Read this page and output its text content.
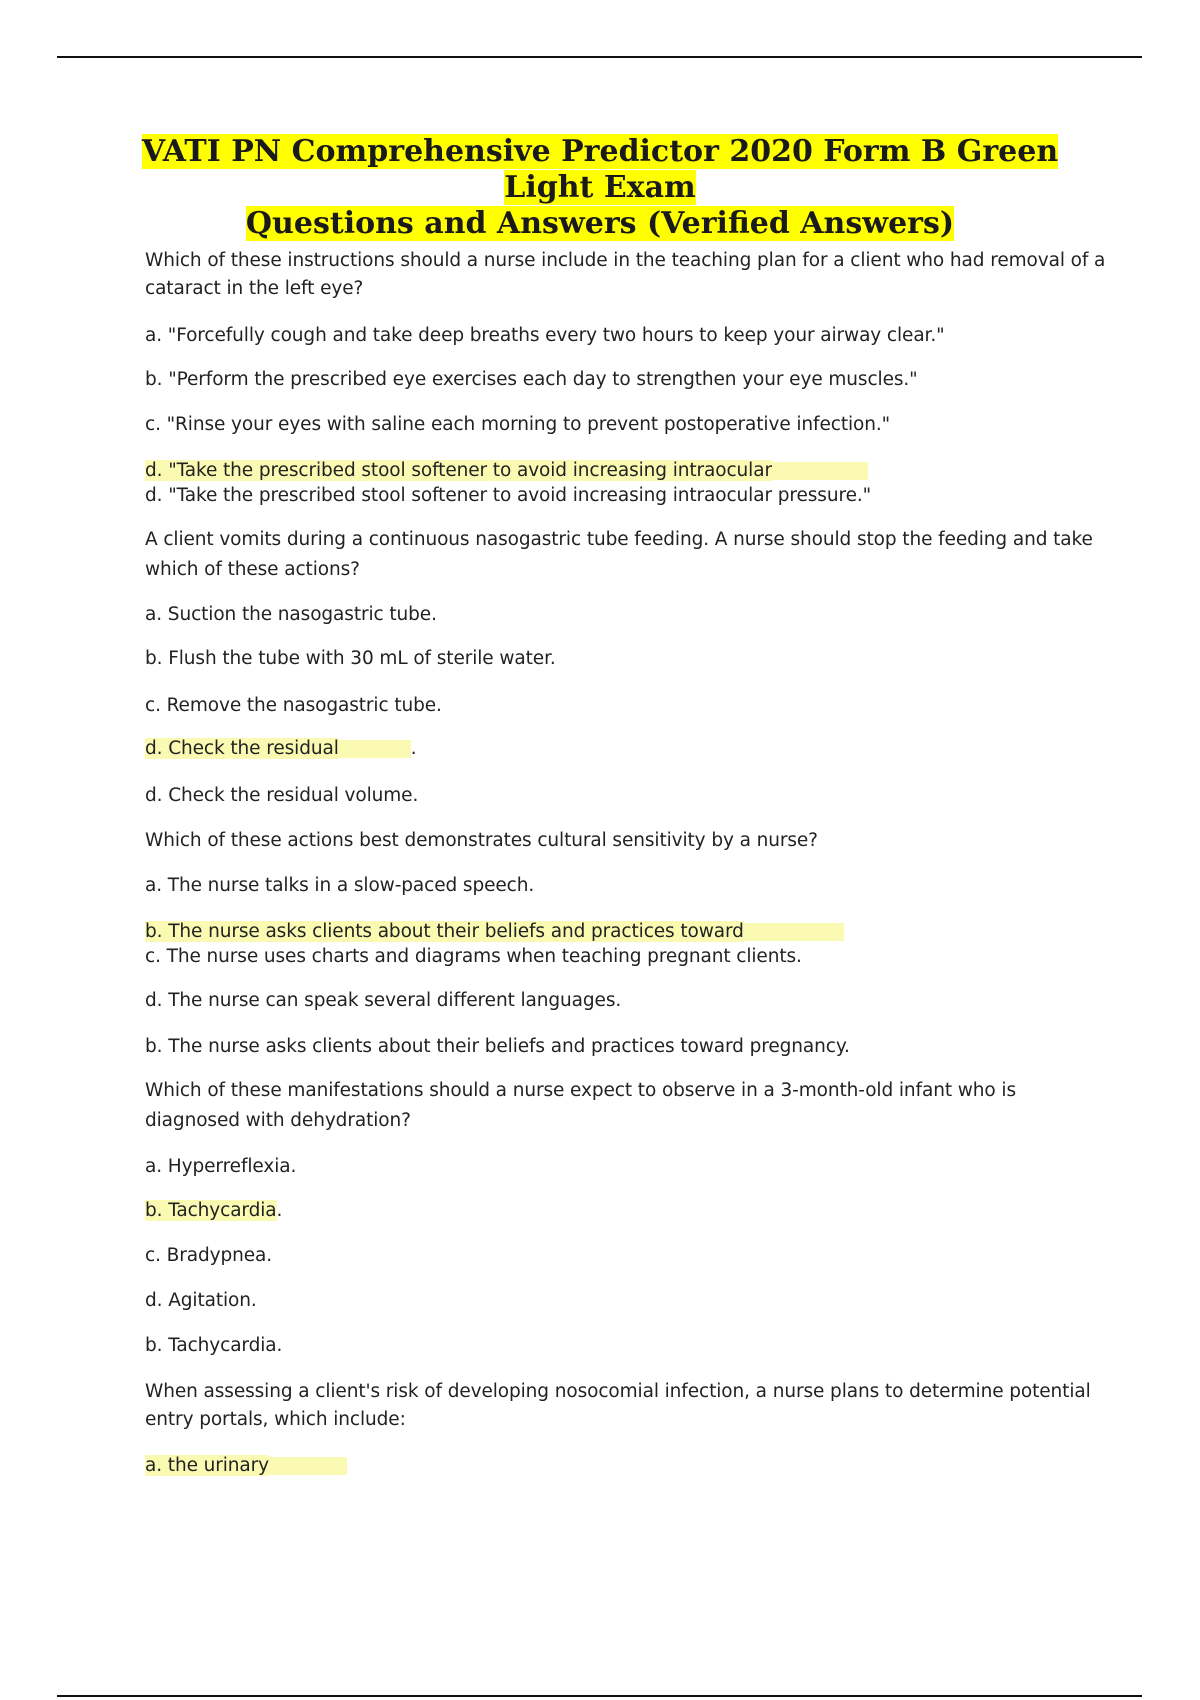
VATI PN Comprehensive Predictor 2020 Form B Green Light Exam
Questions and Answers (Verified Answers)
Which of these instructions should a nurse include in the teaching plan for a client who had removal of a
cataract in the left eye?
a. "Forcefully cough and take deep breaths every two hours to keep your airway clear."
b. "Perform the prescribed eye exercises each day to strengthen your eye muscles."
c. "Rinse your eyes with saline each morning to prevent postoperative infection."
d. "Take the prescribed stool softener to avoid increasing intraocular
d. "Take the prescribed stool softener to avoid increasing intraocular pressure."
A client vomits during a continuous nasogastric tube feeding. A nurse should stop the feeding and take
which of these actions?
a. Suction the nasogastric tube.
b. Flush the tube with 30 mL of sterile water.
c. Remove the nasogastric tube.
d. Check the residual	.
d. Check the residual volume.
Which of these actions best demonstrates cultural sensitivity by a nurse?
a. The nurse talks in a slow-paced speech.
b. The nurse asks clients about their beliefs and practices toward
c. The nurse uses charts and diagrams when teaching pregnant clients.
d. The nurse can speak several different languages.
b. The nurse asks clients about their beliefs and practices toward pregnancy.
Which of these manifestations should a nurse expect to observe in a 3-month-old infant who is
diagnosed with dehydration?
a. Hyperreflexia.
b. Tachycardia.
c. Bradypnea.
d. Agitation.
b. Tachycardia.
When assessing a client's risk of developing nosocomial infection, a nurse plans to determine potential
entry portals, which include:
a. the urinary
